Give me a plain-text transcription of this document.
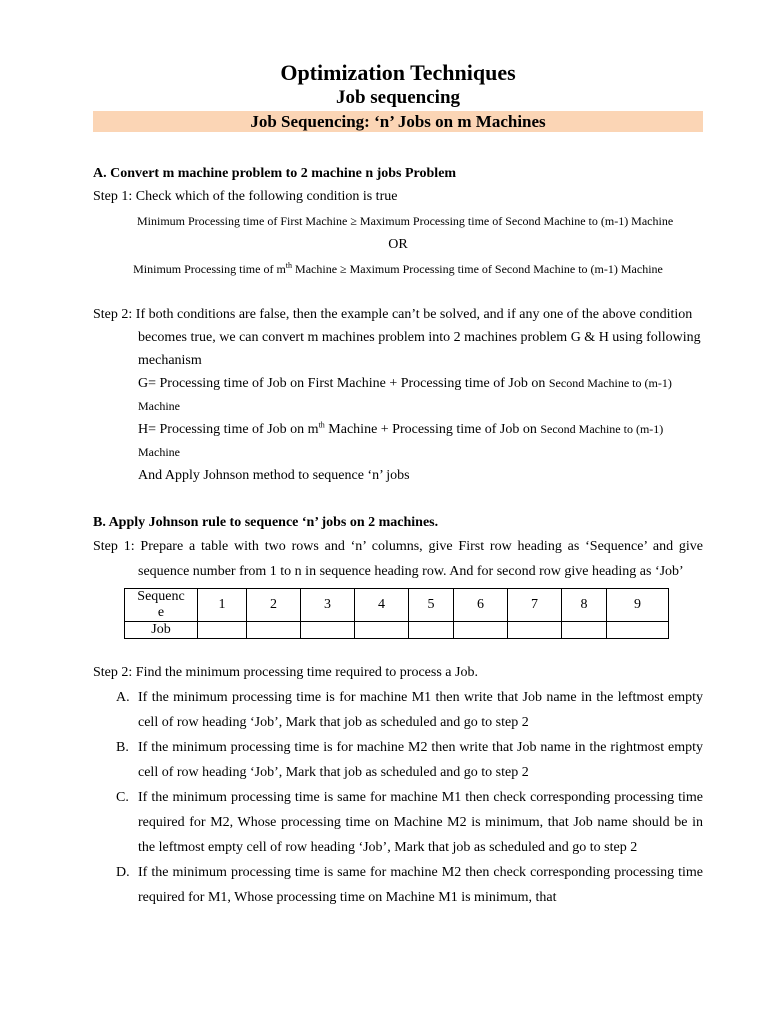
Optimization Techniques
Job sequencing
Job Sequencing: ‘n’ Jobs on m Machines
A. Convert m machine problem to 2 machine n jobs Problem
Step 1: Check which of the following condition is true
Minimum Processing time of First Machine ≥ Maximum Processing time of Second Machine to (m-1) Machine
OR
Minimum Processing time of $m^{th}$ Machine ≥ Maximum Processing time of Second Machine to (m-1) Machine
Step 2: If both conditions are false, then the example can’t be solved, and if any one of the above condition becomes true, we can convert m machines problem into 2 machines problem G & H using following mechanism
G= Processing time of Job on First Machine + Processing time of Job on Second Machine to (m-1) Machine
H= Processing time of Job on $m^{th}$ Machine + Processing time of Job on Second Machine to (m-1) Machine
And Apply Johnson method to sequence ‘n’ jobs
B. Apply Johnson rule to sequence ‘n’ jobs on 2 machines.
Step 1: Prepare a table with two rows and ‘n’ columns, give First row heading as ‘Sequence’ and give sequence number from 1 to n in sequence heading row. And for second row give heading as ‘Job’
Sequenc
e	1	2	3	4	5	6	7	8	9
Job									
Step 2: Find the minimum processing time required to process a Job.
A. If the minimum processing time is for machine M1 then write that Job name in the leftmost empty cell of row heading ‘Job’, Mark that job as scheduled and go to step 2
B. If the minimum processing time is for machine M2 then write that Job name in the rightmost empty cell of row heading ‘Job’, Mark that job as scheduled and go to step 2
C. If the minimum processing time is same for machine M1 then check corresponding processing time required for M2, Whose processing time on Machine M2 is minimum, that Job name should be in the leftmost empty cell of row heading ‘Job’, Mark that job as scheduled and go to step 2
D. If the minimum processing time is same for machine M2 then check corresponding processing time required for M1, Whose processing time on Machine M1 is minimum, that
